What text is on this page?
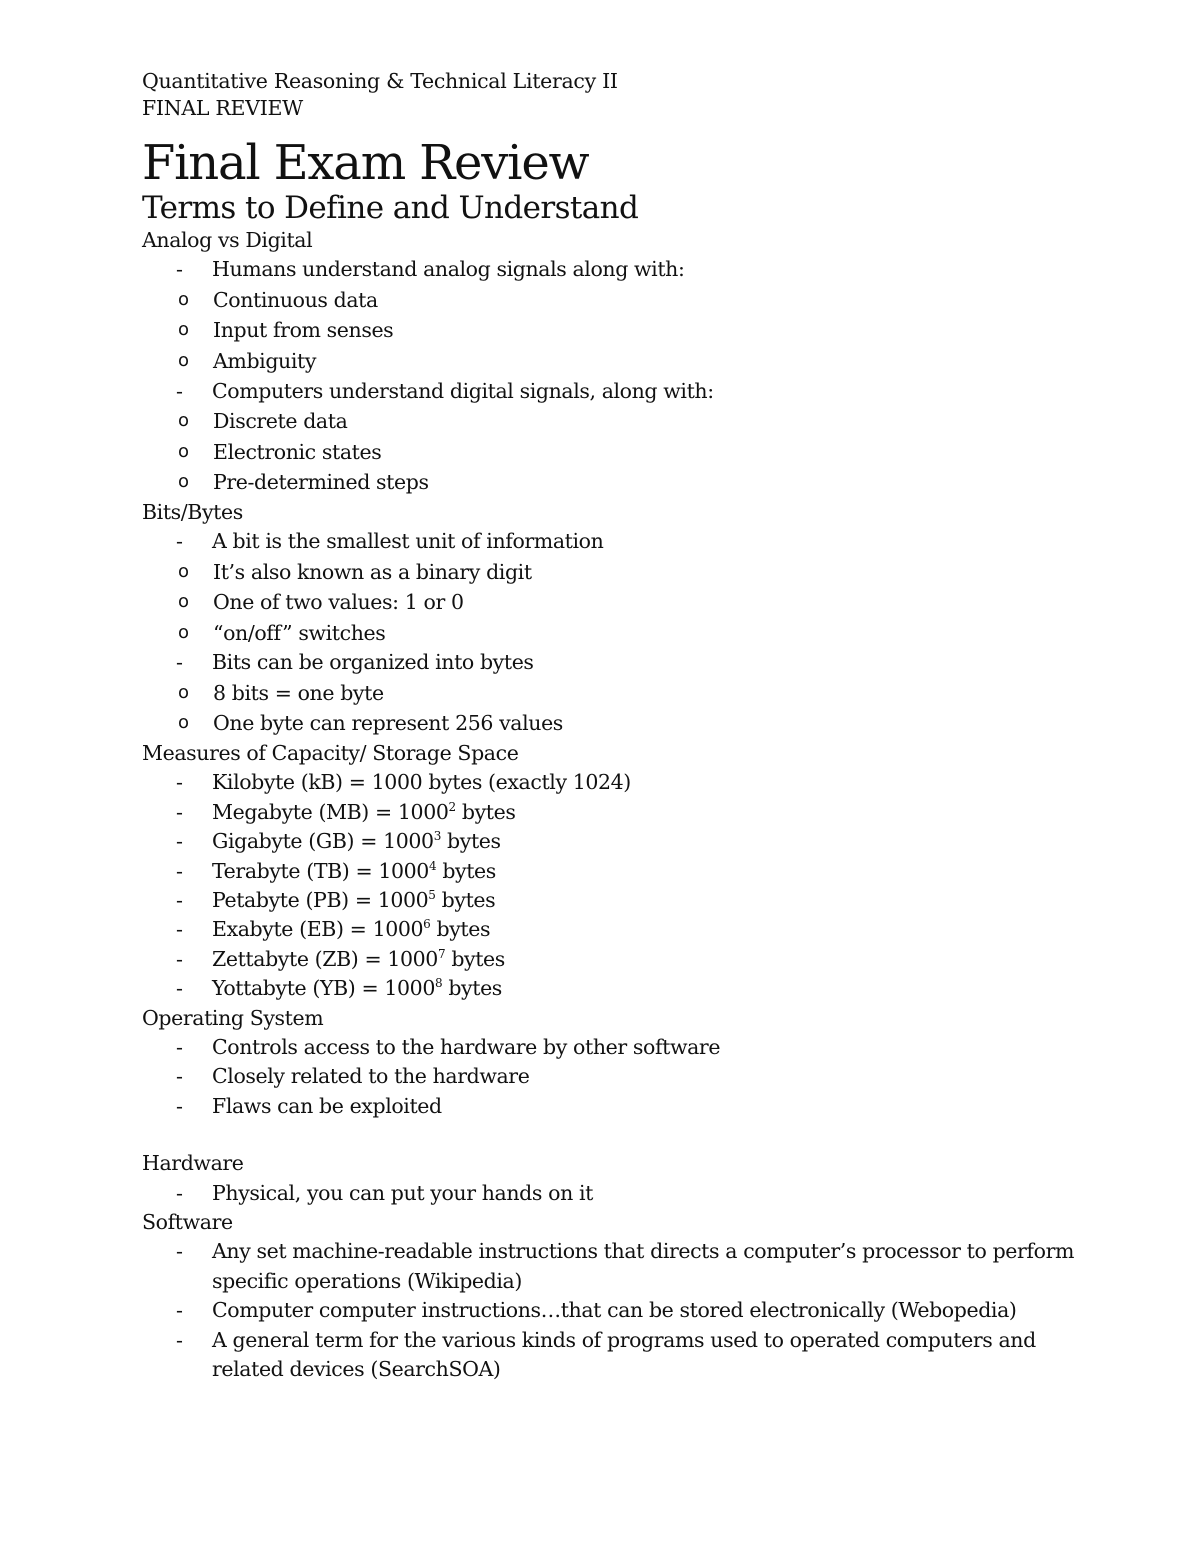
Quantitative Reasoning & Technical Literacy II
FINAL REVIEW
Final Exam Review
Terms to Define and Understand
Analog vs Digital
- Humans understand analog signals along with:
o Continuous data
o Input from senses
o Ambiguity
- Computers understand digital signals, along with:
o Discrete data
o Electronic states
o Pre-determined steps
Bits/Bytes
- A bit is the smallest unit of information
o It’s also known as a binary digit
o One of two values: 1 or 0
o “on/off” switches
- Bits can be organized into bytes
o 8 bits = one byte
o One byte can represent 256 values
Measures of Capacity/ Storage Space
- Kilobyte (kB) = 1000 bytes (exactly 1024)
- Megabyte $(MB) = 1000^2$ bytes
- Gigabyte $(GB) = 1000^3$ bytes
- Terabyte $(TB) = 1000^4$ bytes
- Petabyte $(PB) = 1000^5$ bytes
- Exabyte $(EB) = 1000^6$ bytes
- Zettabyte $(ZB) = 1000^7$ bytes
- Yottabyte $(YB) = 1000^8$ bytes
Operating System
- Controls access to the hardware by other software
- Closely related to the hardware
- Flaws can be exploited
Hardware
- Physical, you can put your hands on it
Software
- Any set machine-readable instructions that directs a computer’s processor to perform specific operations (Wikipedia)
- Computer computer instructions…that can be stored electronically (Webopedia)
- A general term for the various kinds of programs used to operated computers and related devices (SearchSOA)
